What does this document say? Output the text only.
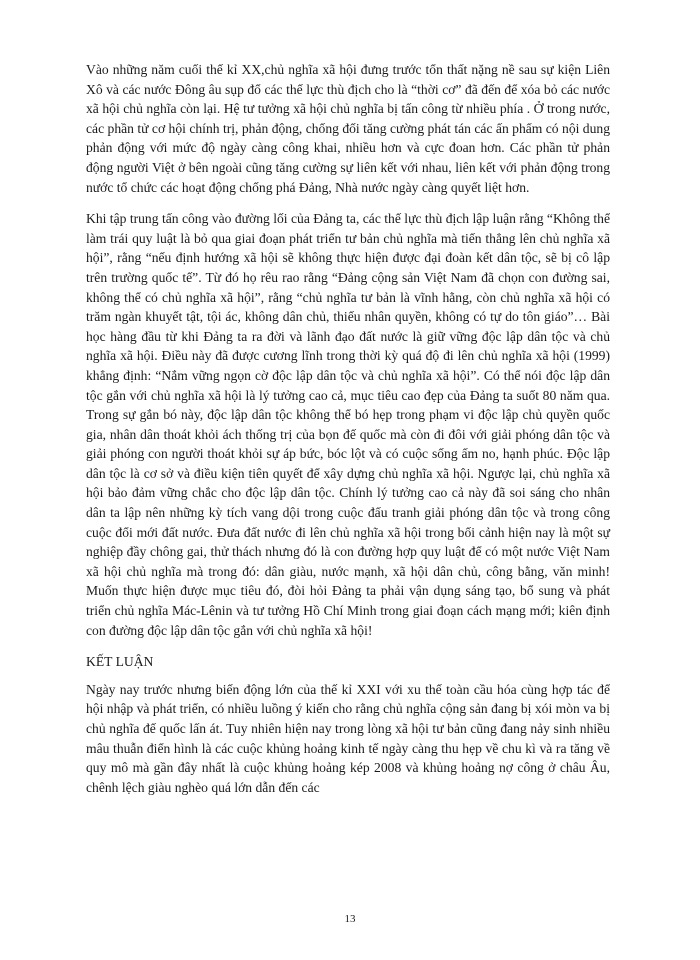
Vào những năm cuối thế kỉ XX,chủ nghĩa xã hội đưng trước tổn thất nặng nề sau sự kiện Liên Xô và các nước Đông âu sụp đổ các thế lực thù địch cho là “thời cơ” đã đến để xóa bỏ các nước xã hội chủ nghĩa còn lại. Hệ tư tưởng xã hội chủ nghĩa bị tấn công từ nhiều phía . Ở trong nước, các phần tử cơ hội chính trị, phản động, chống đối tăng cường phát tán các ấn phẩm có nội dung phản động với mức độ ngày càng công khai, nhiều hơn và cực đoan hơn. Các phần tử phản động người Việt ở bên ngoài cũng tăng cường sự liên kết với nhau, liên kết với phản động trong nước tổ chức các hoạt động chống phá Đảng, Nhà nước ngày càng quyết liệt hơn.

Khi tập trung tấn công vào đường lối của Đảng ta, các thế lực thù địch lập luận rằng “Không thể làm trái quy luật là bỏ qua giai đoạn phát triển tư bản chủ nghĩa mà tiến thẳng lên chủ nghĩa xã hội”, rằng “nếu định hướng xã hội sẽ không thực hiện được đại đoàn kết dân tộc, sẽ bị cô lập trên trường quốc tế”. Từ đó họ rêu rao rằng “Đảng cộng sản Việt Nam đã chọn con đường sai, không thể có chủ nghĩa xã hội”, rằng “chủ nghĩa tư bản là vĩnh hằng, còn chủ nghĩa xã hội có trăm ngàn khuyết tật, tội ác, không dân chủ, thiếu nhân quyền, không có tự do tôn giáo”… Bài học hàng đầu từ khi Đảng ta ra đời và lãnh đạo đất nước là giữ vững độc lập dân tộc và chủ nghĩa xã hội. Điều này đã được cương lĩnh trong thời kỳ quá độ đi lên chủ nghĩa xã hội (1999) khẳng định: “Nắm vững ngọn cờ độc lập dân tộc và chủ nghĩa xã hội”. Có thể nói độc lập dân tộc gắn với chủ nghĩa xã hội là lý tưởng cao cả, mục tiêu cao đẹp của Đảng ta suốt 80 năm qua. Trong sự gắn bó này, độc lập dân tộc không thể bó hẹp trong phạm vi độc lập chủ quyền quốc gia, nhân dân thoát khỏi ách thống trị của bọn đế quốc mà còn đi đôi với giải phóng dân tộc và giải phóng con người thoát khỏi sự áp bức, bóc lột và có cuộc sống ấm no, hạnh phúc. Độc lập dân tộc là cơ sở và điều kiện tiên quyết để xây dựng chủ nghĩa xã hội. Ngược lại, chủ nghĩa xã hội bảo đảm vững chắc cho độc lập dân tộc. Chính lý tưởng cao cả này đã soi sáng cho nhân dân ta lập nên những kỳ tích vang dội trong cuộc đấu tranh giải phóng dân tộc và trong công cuộc đổi mới đất nước. Đưa đất nước đi lên chủ nghĩa xã hội trong bối cảnh hiện nay là một sự nghiệp đầy chông gai, thử thách nhưng đó là con đường hợp quy luật để có một nước Việt Nam xã hội chủ nghĩa mà trong đó: dân giàu, nước mạnh, xã hội dân chủ, công bằng, văn minh! Muốn thực hiện được mục tiêu đó, đòi hỏi Đảng ta phải vận dụng sáng tạo, bổ sung và phát triển chủ nghĩa Mác-Lênin và tư tưởng Hồ Chí Minh trong giai đoạn cách mạng mới; kiên định con đường độc lập dân tộc gắn với chủ nghĩa xã hội!

KẾT LUẬN

Ngày nay trước nhưng biến động lớn của thế kỉ XXI với xu thế toàn cầu hóa cùng hợp tác để hội nhập và phát triển, có nhiều luồng ý kiến cho rằng chủ nghĩa cộng sản đang bị xói mòn va bị chủ nghĩa đế quốc lấn át. Tuy nhiên hiện nay trong lòng xã hội tư bản cũng đang nảy sinh nhiều mâu thuẫn điển hình là các cuộc khủng hoảng kinh tế ngày càng thu hẹp về chu kì và ra tăng về quy mô mà gần đây nhất là cuộc khủng hoảng kép 2008 và khủng hoảng nợ công ở châu Âu, chênh lệch giàu nghèo quá lớn dẫn đến các

13
